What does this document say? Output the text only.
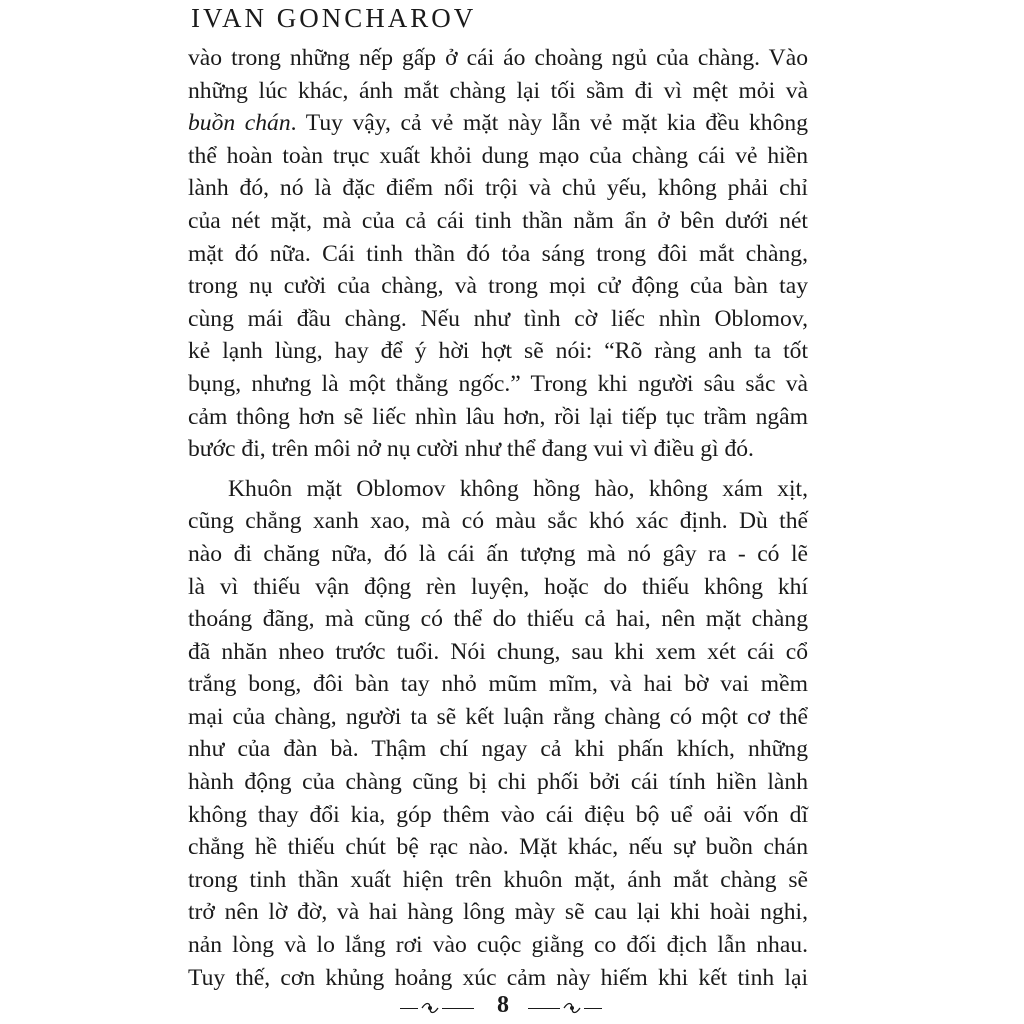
IVAN GONCHAROV

vào trong những nếp gấp ở cái áo choàng ngủ của chàng. Vào
những lúc khác, ánh mắt chàng lại tối sầm đi vì mệt mỏi và
buồn chán. Tuy vậy, cả vẻ mặt này lẫn vẻ mặt kia đều không
thể hoàn toàn trục xuất khỏi dung mạo của chàng cái vẻ hiền
lành đó, nó là đặc điểm nổi trội và chủ yếu, không phải chỉ
của nét mặt, mà của cả cái tinh thần nằm ẩn ở bên dưới nét
mặt đó nữa. Cái tinh thần đó tỏa sáng trong đôi mắt chàng,
trong nụ cười của chàng, và trong mọi cử động của bàn tay
cùng mái đầu chàng. Nếu như tình cờ liếc nhìn Oblomov,
kẻ lạnh lùng, hay để ý hời hợt sẽ nói: “Rõ ràng anh ta tốt
bụng, nhưng là một thằng ngốc.” Trong khi người sâu sắc và
cảm thông hơn sẽ liếc nhìn lâu hơn, rồi lại tiếp tục trầm ngâm
bước đi, trên môi nở nụ cười như thể đang vui vì điều gì đó.

Khuôn mặt Oblomov không hồng hào, không xám xịt,
cũng chẳng xanh xao, mà có màu sắc khó xác định. Dù thế
nào đi chăng nữa, đó là cái ấn tượng mà nó gây ra - có lẽ
là vì thiếu vận động rèn luyện, hoặc do thiếu không khí
thoáng đãng, mà cũng có thể do thiếu cả hai, nên mặt chàng
đã nhăn nheo trước tuổi. Nói chung, sau khi xem xét cái cổ
trắng bong, đôi bàn tay nhỏ mũm mĩm, và hai bờ vai mềm
mại của chàng, người ta sẽ kết luận rằng chàng có một cơ thể
như của đàn bà. Thậm chí ngay cả khi phấn khích, những
hành động của chàng cũng bị chi phối bởi cái tính hiền lành
không thay đổi kia, góp thêm vào cái điệu bộ uể oải vốn dĩ
chẳng hề thiếu chút bệ rạc nào. Mặt khác, nếu sự buồn chán
trong tinh thần xuất hiện trên khuôn mặt, ánh mắt chàng sẽ
trở nên lờ đờ, và hai hàng lông mày sẽ cau lại khi hoài nghi,
nản lòng và lo lắng rơi vào cuộc giằng co đối địch lẫn nhau.
Tuy thế, cơn khủng hoảng xúc cảm này hiếm khi kết tinh lại

8
